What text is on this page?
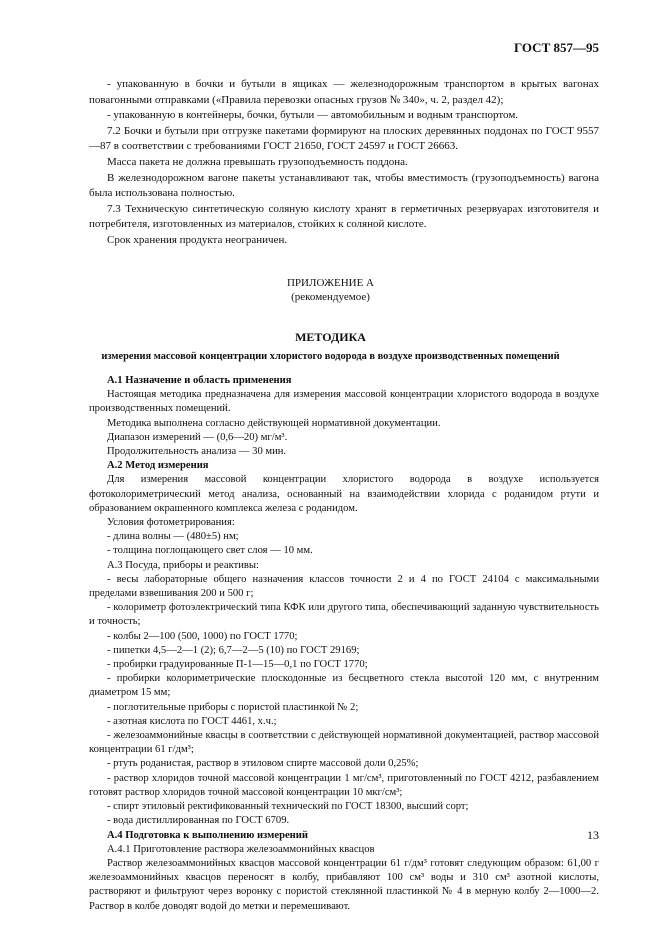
ГОСТ 857—95

- упакованную в бочки и бутыли в ящиках — железнодорожным транспортом в крытых вагонах повагонными отправками («Правила перевозки опасных грузов № 340», ч. 2, раздел 42);

- упакованную в контейнеры, бочки, бутыли — автомобильным и водным транспортом.

7.2 Бочки и бутыли при отгрузке пакетами формируют на плоских деревянных поддонах по ГОСТ 9557—87 в соответствии с требованиями ГОСТ 21650, ГОСТ 24597 и ГОСТ 26663.

Масса пакета не должна превышать грузоподъемность поддона.

В железнодорожном вагоне пакеты устанавливают так, чтобы вместимость (грузоподъемность) вагона была использована полностью.

7.3 Техническую синтетическую соляную кислоту хранят в герметичных резервуарах изготовителя и потребителя, изготовленных из материалов, стойких к соляной кислоте.

Срок хранения продукта неограничен.

ПРИЛОЖЕНИЕ А
(рекомендуемое)
МЕТОДИКА
измерения массовой концентрации хлористого водорода в воздухе производственных помещений

А.1 Назначение и область применения

Настоящая методика предназначена для измерения массовой концентрации хлористого водорода в воздухе производственных помещений.

Методика выполнена согласно действующей нормативной документации.

Диапазон измерений — (0,6—20) мг/м³.

Продолжительность анализа — 30 мин.

А.2 Метод измерения

Для измерения массовой концентрации хлористого водорода в воздухе используется фотоколориметрический метод анализа, основанный на взаимодействии хлорида с роданидом ртути и образованием окрашенного комплекса железа с роданидом.

Условия фотометрирования:

- длина волны — (480±5) нм;

- толщина поглощающего свет слоя — 10 мм.

А.3 Посуда, приборы и реактивы:

- весы лабораторные общего назначения классов точности 2 и 4 по ГОСТ 24104 с максимальными пределами взвешивания 200 и 500 г;

- колориметр фотоэлектрический типа КФК или другого типа, обеспечивающий заданную чувствительность и точность;

- колбы 2—100 (500, 1000) по ГОСТ 1770;

- пипетки 4,5—2—1 (2); 6,7—2—5 (10) по ГОСТ 29169;

- пробирки градуированные П-1—15—0,1 по ГОСТ 1770;

- пробирки колориметрические плоскодонные из бесцветного стекла высотой 120 мм, с внутренним диаметром 15 мм;

- поглотительные приборы с пористой пластинкой № 2;

- азотная кислота по ГОСТ 4461, х.ч.;

- железоаммонийные квасцы в соответствии с действующей нормативной документацией, раствор массовой концентрации 61 г/дм³;

- ртуть роданистая, раствор в этиловом спирте массовой доли 0,25%;

- раствор хлоридов точной массовой концентрации 1 мг/см³, приготовленный по ГОСТ 4212, разбавлением готовят раствор хлоридов точной массовой концентрации 10 мкг/см³;

- спирт этиловый ректификованный технический по ГОСТ 18300, высший сорт;

- вода дистиллированная по ГОСТ 6709.

А.4 Подготовка к выполнению измерений

А.4.1 Приготовление раствора железоаммонийных квасцов

Раствор железоаммонийных квасцов массовой концентрации 61 г/дм³ готовят следующим образом: 61,00 г железоаммонийных квасцов переносят в колбу, прибавляют 100 см³ воды и 310 см³ азотной кислоты, растворяют и фильтруют через воронку с пористой стеклянной пластинкой № 4 в мерную колбу 2—1000—2. Раствор в колбе доводят водой до метки и перемешивают.

13
